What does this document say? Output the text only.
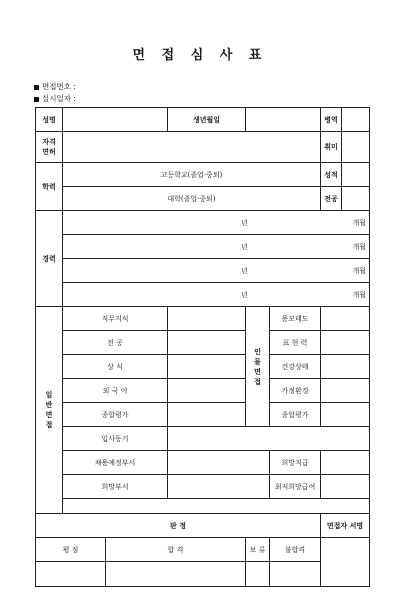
면 접 심 사 표
면접번호 :
실시일자 :
성명			생년월일			병역	
자격
면허						취미	
학력	고등학교(졸업·중퇴)					성적	
	대학(졸업·중퇴)					전공	
경력	년 개월						

	년 개월						

	년 개월						

	년 개월						

일반면접	직무지식			인물면접	용모태도		
	전 공				표 현 력		
	상 식				건강상태		
	외 국 어				가정환경		
	종합평가				종합평가		
	입사동기						
	채용예정부서				희망직급		
	희망부서				최저희망급여		

판 정						면접자 서명	
평 점		합 격		보 류	불합격		
